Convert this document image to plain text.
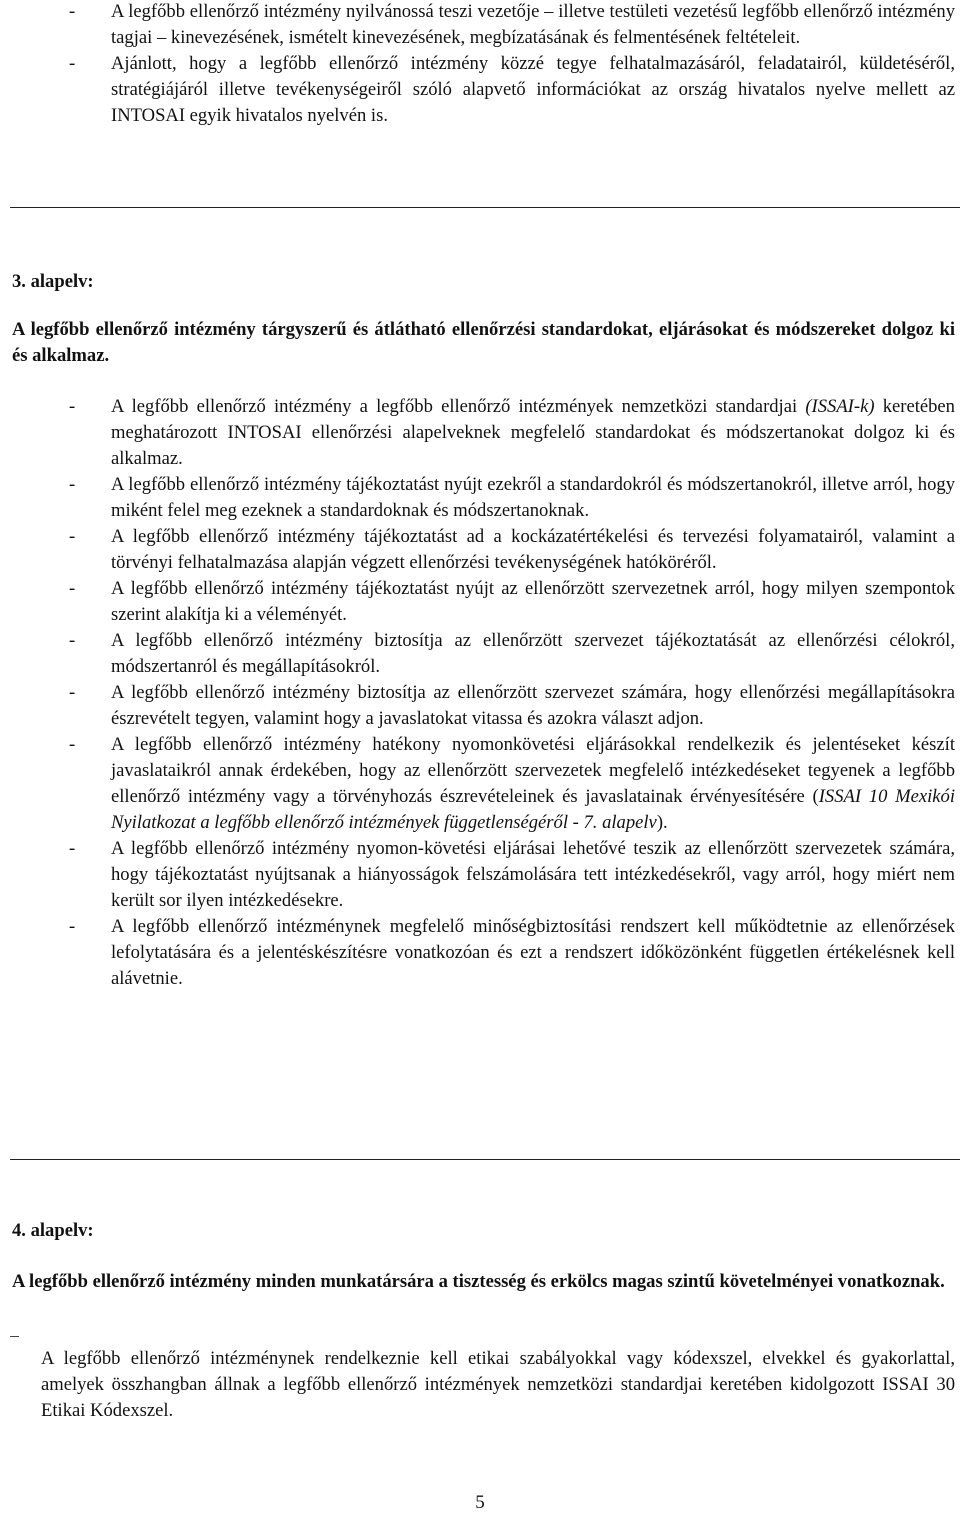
- A legfőbb ellenőrző intézmény nyilvánossá teszi vezetője – illetve testületi vezetésű legfőbb ellenőrző intézmény tagjai – kinevezésének, ismételt kinevezésének, megbízatásának és felmentésének feltételeit.
- Ajánlott, hogy a legfőbb ellenőrző intézmény közzé tegye felhatalmazásáról, feladatairól, küldetéséről, stratégiájáról illetve tevékenységeiről szóló alapvető információkat az ország hivatalos nyelve mellett az INTOSAI egyik hivatalos nyelvén is.

3. alapelv:

A legfőbb ellenőrző intézmény tárgyszerű és átlátható ellenőrzési standardokat, eljárásokat és módszereket dolgoz ki és alkalmaz.

- A legfőbb ellenőrző intézmény a legfőbb ellenőrző intézmények nemzetközi standardjai (ISSAI-k) keretében meghatározott INTOSAI ellenőrzési alapelveknek megfelelő standardokat és módszertanokat dolgoz ki és alkalmaz.
- A legfőbb ellenőrző intézmény tájékoztatást nyújt ezekről a standardokról és módszertanokról, illetve arról, hogy miként felel meg ezeknek a standardoknak és módszertanoknak.
- A legfőbb ellenőrző intézmény tájékoztatást ad a kockázatértékelési és tervezési folyamatairól, valamint a törvényi felhatalmazása alapján végzett ellenőrzési tevékenységének hatóköréről.
- A legfőbb ellenőrző intézmény tájékoztatást nyújt az ellenőrzött szervezetnek arról, hogy milyen szempontok szerint alakítja ki a véleményét.
- A legfőbb ellenőrző intézmény biztosítja az ellenőrzött szervezet tájékoztatását az ellenőrzési célokról, módszertanról és megállapításokról.
- A legfőbb ellenőrző intézmény biztosítja az ellenőrzött szervezet számára, hogy ellenőrzési megállapításokra észrevételt tegyen, valamint hogy a javaslatokat vitassa és azokra választ adjon.
- A legfőbb ellenőrző intézmény hatékony nyomonkövetési eljárásokkal rendelkezik és jelentéseket készít javaslataikról annak érdekében, hogy az ellenőrzött szervezetek megfelelő intézkedéseket tegyenek a legfőbb ellenőrző intézmény vagy a törvényhozás észrevételeinek és javaslatainak érvényesítésére (ISSAI 10 Mexikói Nyilatkozat a legfőbb ellenőrző intézmények függetlenségéről - 7. alapelv).
- A legfőbb ellenőrző intézmény nyomon-követési eljárásai lehetővé teszik az ellenőrzött szervezetek számára, hogy tájékoztatást nyújtsanak a hiányosságok felszámolására tett intézkedésekről, vagy arról, hogy miért nem került sor ilyen intézkedésekre.
- A legfőbb ellenőrző intézménynek megfelelő minőségbiztosítási rendszert kell működtetnie az ellenőrzések lefolytatására és a jelentéskészítésre vonatkozóan és ezt a rendszert időközönként független értékelésnek kell alávetnie.

4. alapelv:

A legfőbb ellenőrző intézmény minden munkatársára a tisztesség és erkölcs magas szintű követelményei vonatkoznak.

A legfőbb ellenőrző intézménynek rendelkeznie kell etikai szabályokkal vagy kódexszel, elvekkel és gyakorlattal, amelyek összhangban állnak a legfőbb ellenőrző intézmények nemzetközi standardjai keretében kidolgozott ISSAI 30 Etikai Kódexszel.

5
